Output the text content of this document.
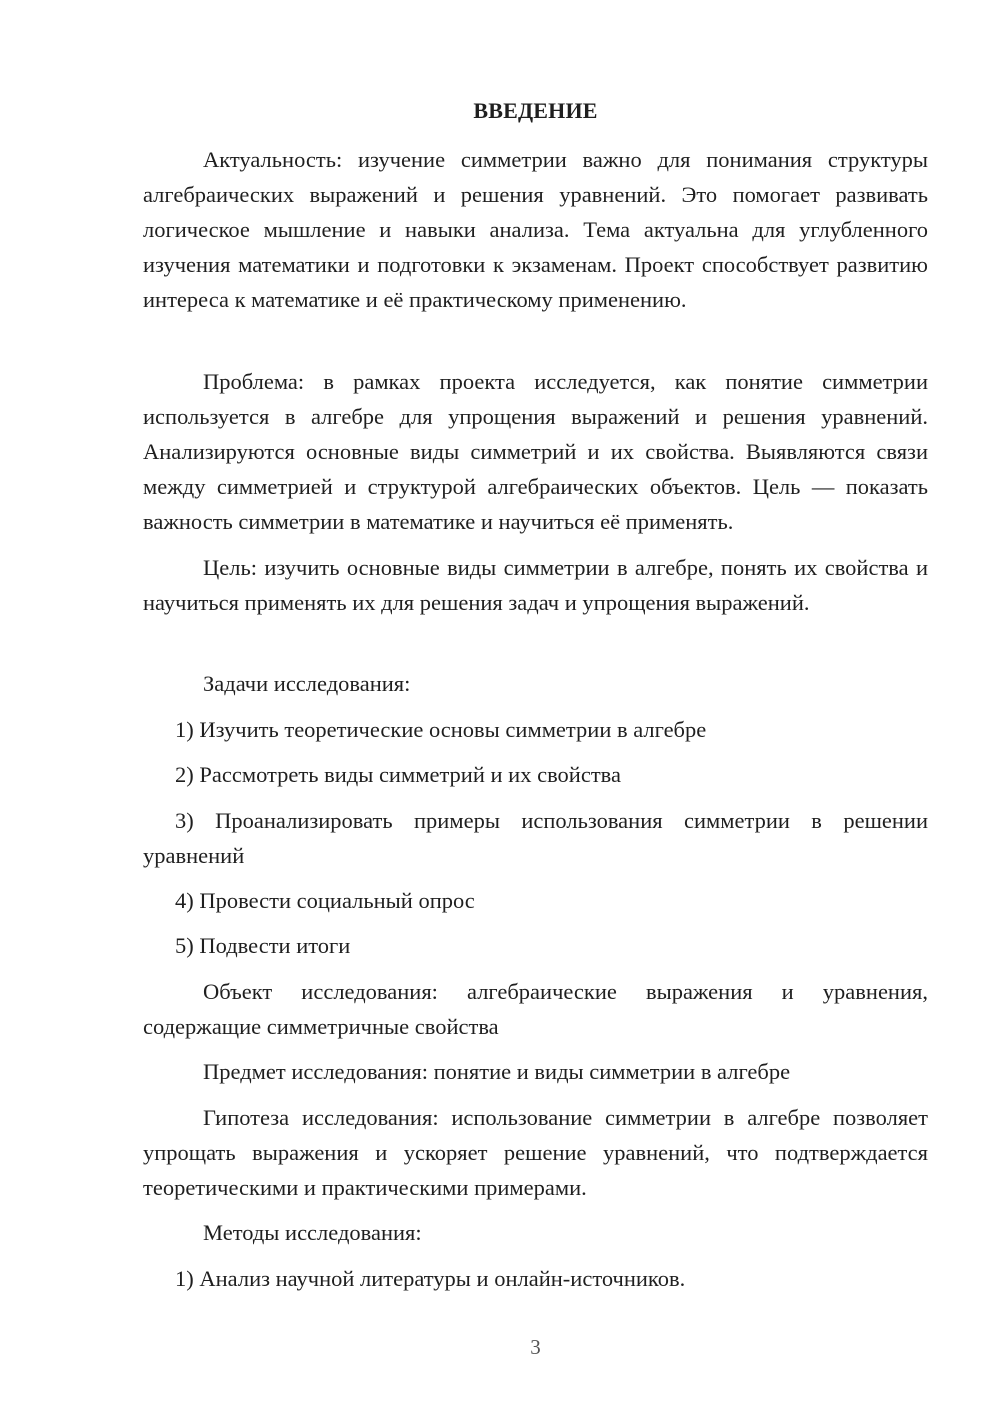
ВВЕДЕНИЕ

Актуальность: изучение симметрии важно для понимания структуры алгебраических выражений и решения уравнений. Это помогает развивать логическое мышление и навыки анализа. Тема актуальна для углубленного изучения математики и подготовки к экзаменам. Проект способствует развитию интереса к математике и её практическому применению.

Проблема: в рамках проекта исследуется, как понятие симметрии используется в алгебре для упрощения выражений и решения уравнений. Анализируются основные виды симметрий и их свойства. Выявляются связи между симметрией и структурой алгебраических объектов. Цель — показать важность симметрии в математике и научиться её применять.

Цель: изучить основные виды симметрии в алгебре, понять их свойства и научиться применять их для решения задач и упрощения выражений.

Задачи исследования:

1) Изучить теоретические основы симметрии в алгебре

2) Рассмотреть виды симметрий и их свойства

3) Проанализировать примеры использования симметрии в решении уравнений

4) Провести социальный опрос

5) Подвести итоги

Объект исследования: алгебраические выражения и уравнения, содержащие симметричные свойства

Предмет исследования: понятие и виды симметрии в алгебре

Гипотеза исследования: использование симметрии в алгебре позволяет упрощать выражения и ускоряет решение уравнений, что подтверждается теоретическими и практическими примерами.

Методы исследования:

1) Анализ научной литературы и онлайн-источников.

3
